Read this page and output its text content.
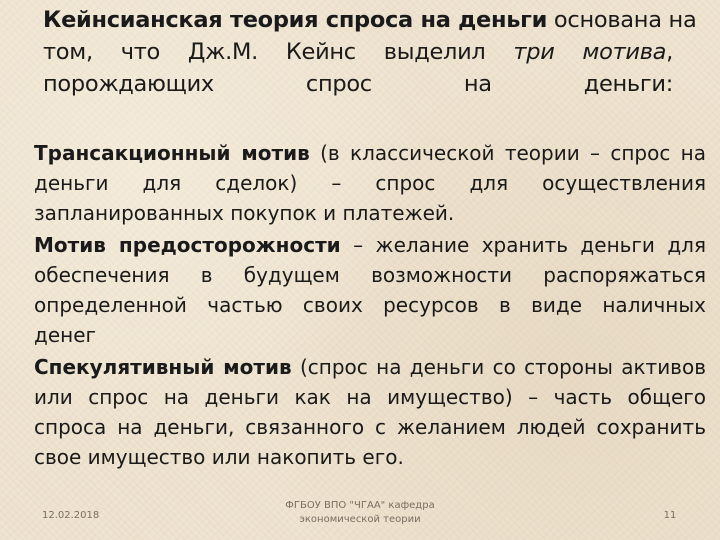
Кейнсианская теория спроса на деньги основана на
том, что Дж.М. Кейнс выделил три мотива,
порождающих спрос на деньги:
Трансакционный мотив (в классической теории – спрос на
деньги для сделок) – спрос для осуществления
запланированных покупок и платежей.
Мотив предосторожности – желание хранить деньги для
обеспечения в будущем возможности распоряжаться
определенной частью своих ресурсов в виде наличных
денег
Спекулятивный мотив (спрос на деньги со стороны активов
или спрос на деньги как на имущество) – часть общего
спроса на деньги, связанного с желанием людей сохранить
свое имущество или накопить его.
12.02.2018
ФГБОУ ВПО "ЧГАА" кафедра
экономической теории	11
